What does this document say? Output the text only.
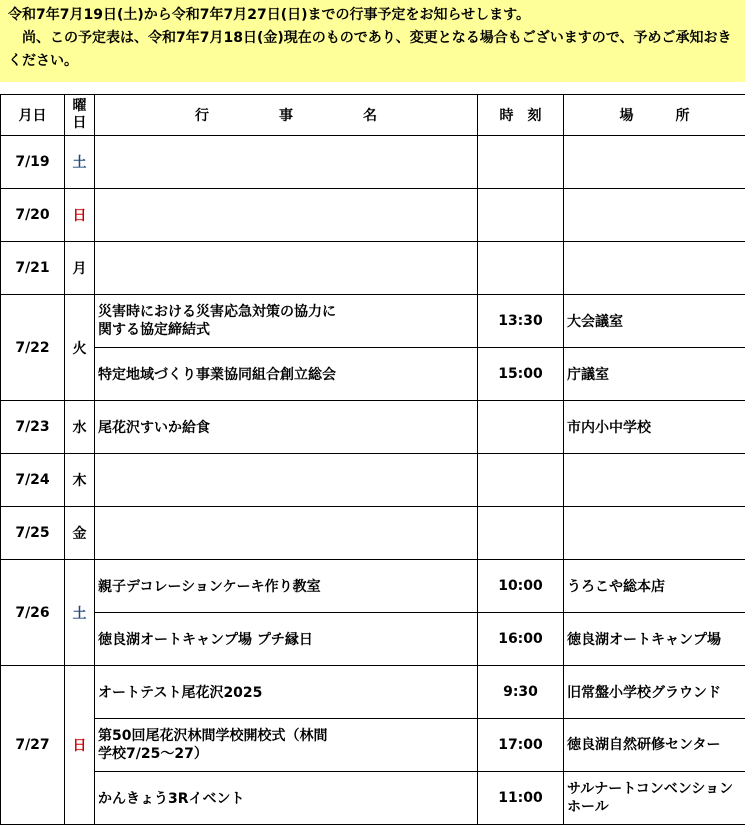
令和7年7月19日(土)から令和7年7月27日(日)までの行事予定をお知らせします。

　尚、この予定表は、令和7年7月18日(金)現在のものであり、変更となる場合もございますので、予めご承知おきください。

月日	曜日	行　　　　　事　　　　　名	時　刻	場　　　所
7/19	土			
7/20	日			
7/21	月			
7/22	火	災害時における災害応急対策の協力に関する協定締結式	13:30	大会議室
		特定地域づくり事業協同組合創立総会	15:00	庁議室
7/23	水	尾花沢すいか給食		市内小中学校
7/24	木			
7/25	金			
7/26	土	親子デコレーションケーキ作り教室	10:00	うろこや総本店
		徳良湖オートキャンプ場 プチ縁日	16:00	徳良湖オートキャンプ場
7/27	日	オートテスト尾花沢2025	9:30	旧常盤小学校グラウンド
		第50回尾花沢林間学校開校式（林間学校7/25～27）	17:00	徳良湖自然研修センター
		かんきょう3Rイベント	11:00	サルナートコンベンションホール
